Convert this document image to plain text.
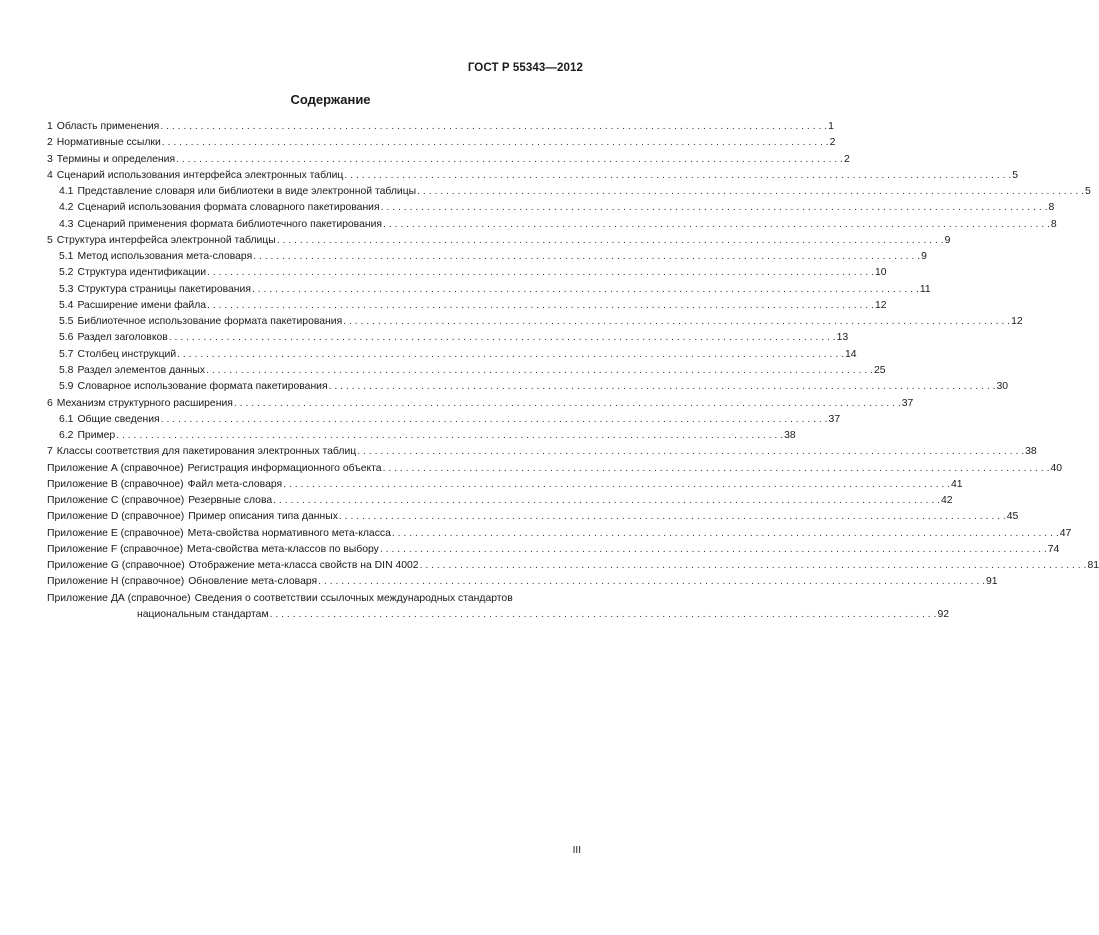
ГОСТ Р 55343—2012
Содержание
1 Область применения . . .	1
2 Нормативные ссылки . . .	2
3 Термины и определения . . .	2
4 Сценарий использования интерфейса электронных таблиц . . .	5
4.1 Представление словаря или библиотеки в виде электронной таблицы . . .	5
4.2 Сценарий использования формата словарного пакетирования . . .	8
4.3 Сценарий применения формата библиотечного пакетирования . . .	8
5 Структура интерфейса электронной таблицы . . .	9
5.1 Метод использования мета-словаря . . .	9
5.2 Структура идентификации . . .	10
5.3 Структура страницы пакетирования . . .	11
5.4 Расширение имени файла . . .	12
5.5 Библиотечное использование формата пакетирования . . .	12
5.6 Раздел заголовков . . .	13
5.7 Столбец инструкций . . .	14
5.8 Раздел элементов данных . . .	25
5.9 Словарное использование формата пакетирования . . .	30
6 Механизм структурного расширения . . .	37
6.1 Общие сведения . . .	37
6.2 Пример . . .	38
7 Классы соответствия для пакетирования электронных таблиц . . .	38
Приложение А (справочное) Регистрация информационного объекта . . .	40
Приложение В (справочное) Файл мета-словаря . . .	41
Приложение С (справочное) Резервные слова . . .	42
Приложение D (справочное) Пример описания типа данных . . .	45
Приложение Е (справочное) Мета-свойства нормативного мета-класса . . .	47
Приложение F (справочное) Мета-свойства мета-классов по выбору . . .	74
Приложение G (справочное) Отображение мета-класса свойств на DIN 4002 . . .	81
Приложение Н (справочное) Обновление мета-словаря . . .	91
Приложение ДА (справочное) Сведения о соответствии ссылочных международных стандартов
национальным стандартам . . .	92
III
